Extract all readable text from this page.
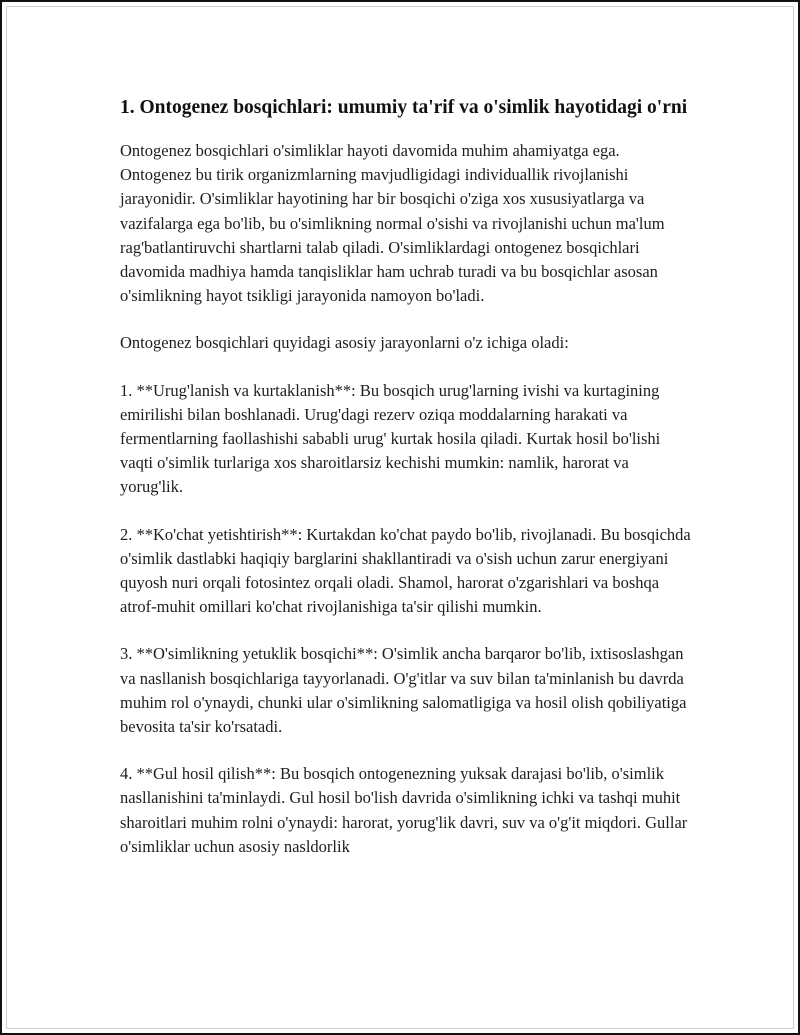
1. Ontogenez bosqichlari: umumiy ta'rif va o'simlik hayotidagi o'rni

Ontogenez bosqichlari o'simliklar hayoti davomida muhim ahamiyatga ega. Ontogenez bu tirik organizmlarning mavjudligidagi individuallik rivojlanishi jarayonidir. O'simliklar hayotining har bir bosqichi o'ziga xos xususiyatlarga va vazifalarga ega bo'lib, bu o'simlikning normal o'sishi va rivojlanishi uchun ma'lum rag'batlantiruvchi shartlarni talab qiladi. O'simliklardagi ontogenez bosqichlari davomida madhiya hamda tanqisliklar ham uchrab turadi va bu bosqichlar asosan o'simlikning hayot tsikligi jarayonida namoyon bo'ladi.

Ontogenez bosqichlari quyidagi asosiy jarayonlarni o'z ichiga oladi:

1. **Urug'lanish va kurtaklanish**: Bu bosqich urug'larning ivishi va kurtagining emirilishi bilan boshlanadi. Urug'dagi rezerv oziqa moddalarning harakati va fermentlarning faollashishi sababli urug' kurtak hosila qiladi. Kurtak hosil bo'lishi vaqti o'simlik turlariga xos sharoitlarsiz kechishi mumkin: namlik, harorat va yorug'lik.

2. **Ko'chat yetishtirish**: Kurtakdan ko'chat paydo bo'lib, rivojlanadi. Bu bosqichda o'simlik dastlabki haqiqiy barglarini shakllantiradi va o'sish uchun zarur energiyani quyosh nuri orqali fotosintez orqali oladi. Shamol, harorat o'zgarishlari va boshqa atrof-muhit omillari ko'chat rivojlanishiga ta'sir qilishi mumkin.

3. **O'simlikning yetuklik bosqichi**: O'simlik ancha barqaror bo'lib, ixtisoslashgan va nasllanish bosqichlariga tayyorlanadi. O'g'itlar va suv bilan ta'minlanish bu davrda muhim rol o'ynaydi, chunki ular o'simlikning salomatligiga va hosil olish qobiliyatiga bevosita ta'sir ko'rsatadi.

4. **Gul hosil qilish**: Bu bosqich ontogenezning yuksak darajasi bo'lib, o'simlik nasllanishini ta'minlaydi. Gul hosil bo'lish davrida o'simlikning ichki va tashqi muhit sharoitlari muhim rolni o'ynaydi: harorat, yorug'lik davri, suv va o'g'it miqdori. Gullar o'simliklar uchun asosiy nasldorlik
